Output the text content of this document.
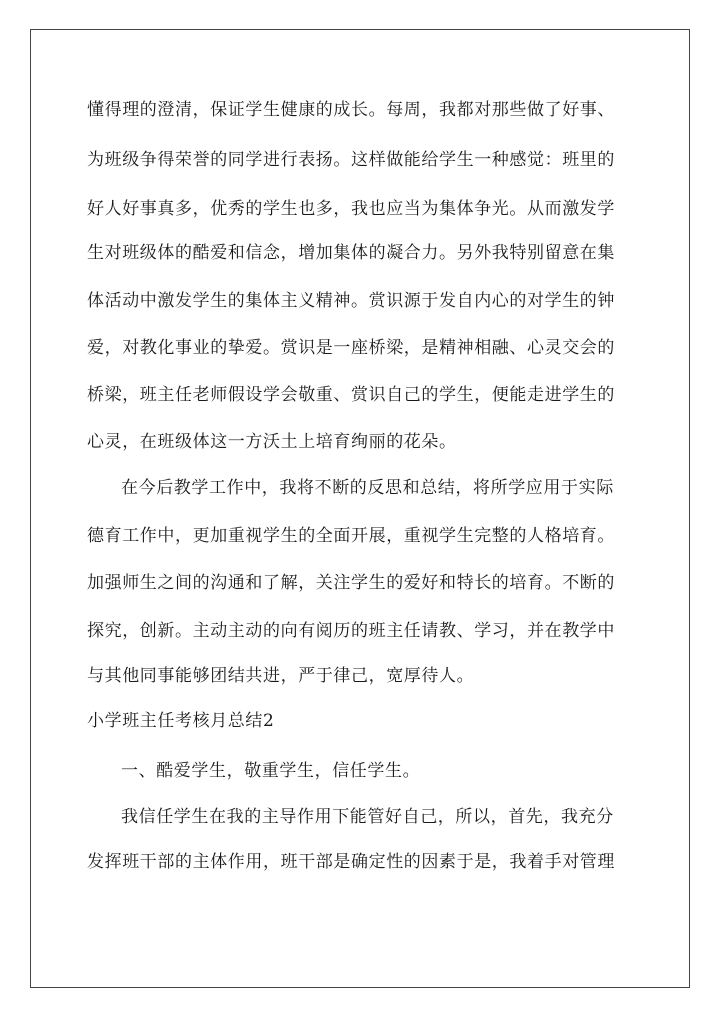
懂得理的澄清，保证学生健康的成长。每周，我都对那些做了好事、
为班级争得荣誉的同学进行表扬。这样做能给学生一种感觉：班里的
好人好事真多，优秀的学生也多，我也应当为集体争光。从而激发学
生对班级体的酷爱和信念，增加集体的凝合力。另外我特别留意在集
体活动中激发学生的集体主义精神。赏识源于发自内心的对学生的钟
爱，对教化事业的挚爱。赏识是一座桥梁，是精神相融、心灵交会的
桥梁，班主任老师假设学会敬重、赏识自己的学生，便能走进学生的
心灵，在班级体这一方沃土上培育绚丽的花朵。
在今后教学工作中，我将不断的反思和总结，将所学应用于实际
德育工作中，更加重视学生的全面开展，重视学生完整的人格培育。
加强师生之间的沟通和了解，关注学生的爱好和特长的培育。不断的
探究，创新。主动主动的向有阅历的班主任请教、学习，并在教学中
与其他同事能够团结共进，严于律己，宽厚待人。
小学班主任考核月总结2
一、酷爱学生，敬重学生，信任学生。
我信任学生在我的主导作用下能管好自己，所以，首先，我充分
发挥班干部的主体作用，班干部是确定性的因素于是，我着手对管理
